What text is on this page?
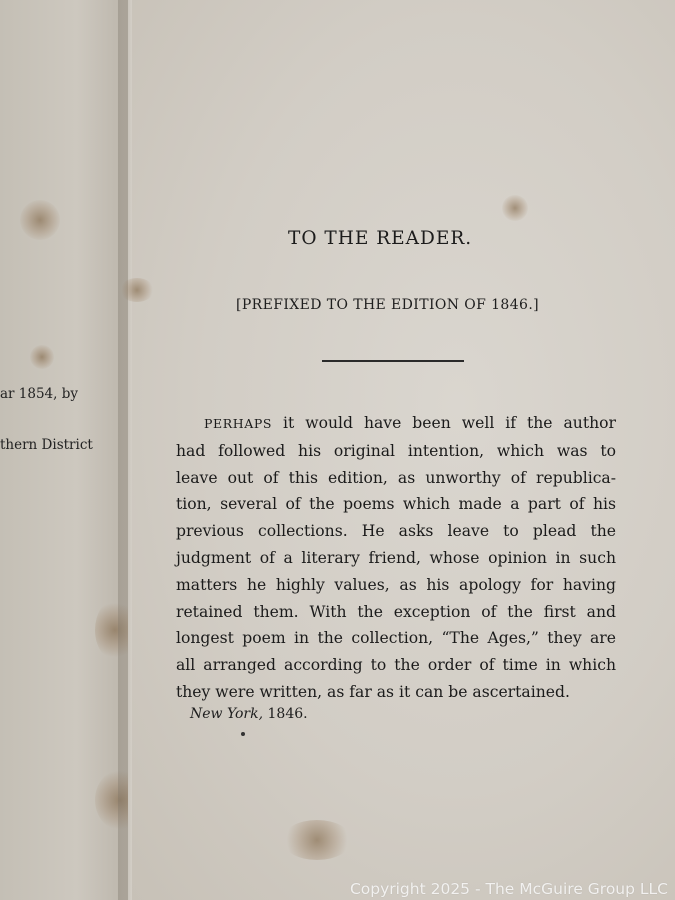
ar 1854, by
thern District
TO THE READER.
[PREFIXED TO THE EDITION OF 1846.]
PERHAPS it would have been well if the author
had followed his original intention, which was to
leave out of this edition, as unworthy of republica-
tion, several of the poems which made a part of his
previous collections. He asks leave to plead the
judgment of a literary friend, whose opinion in such
matters he highly values, as his apology for having
retained them. With the exception of the first and
longest poem in the collection, “The Ages,” they are
all arranged according to the order of time in which
they were written, as far as it can be ascertained.
New York, 1846.
Copyright 2025 - The McGuire Group LLC
